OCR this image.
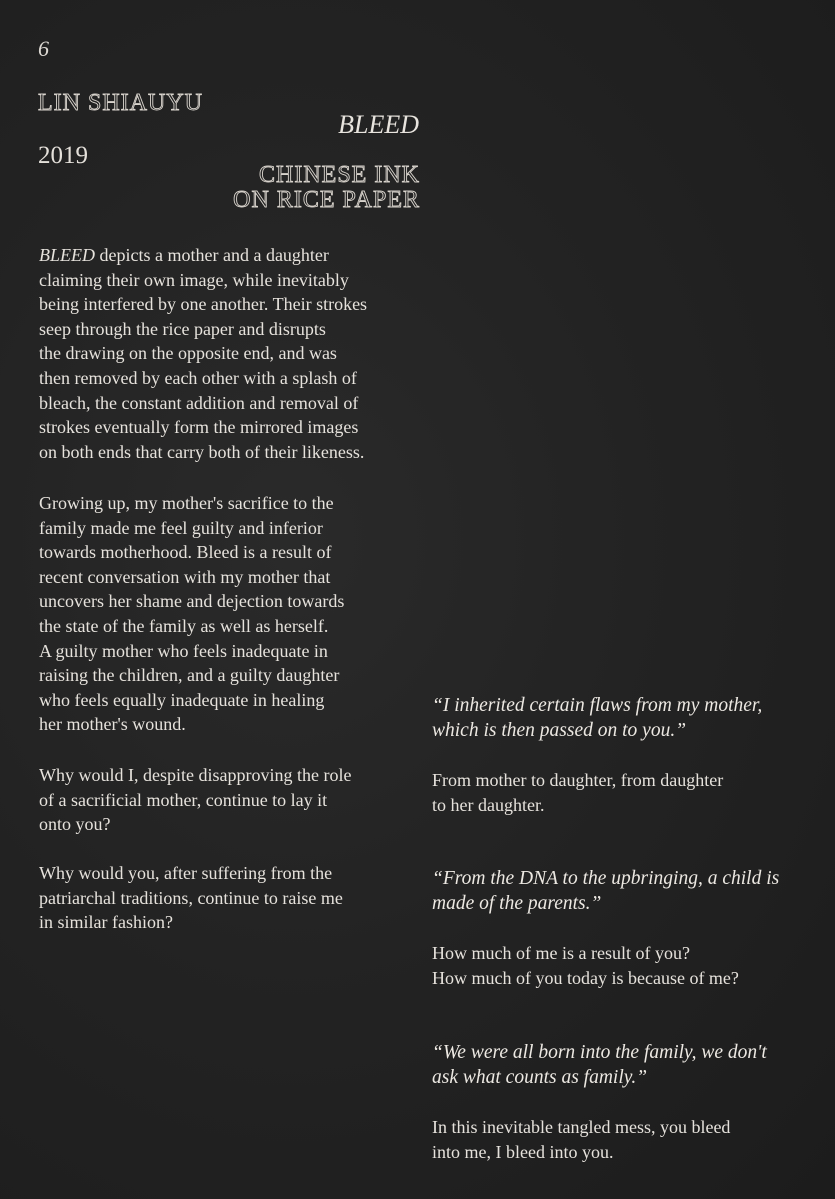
6
LIN SHIAUYU
2019
BLEED
CHINESE INK
ON RICE PAPER
BLEED depicts a mother and a daughter
claiming their own image, while inevitably
being interfered by one another. Their strokes
seep through the rice paper and disrupts
the drawing on the opposite end, and was
then removed by each other with a splash of
bleach, the constant addition and removal of
strokes eventually form the mirrored images
on both ends that carry both of their likeness.
Growing up, my mother's sacrifice to the
family made me feel guilty and inferior
towards motherhood. Bleed is a result of
recent conversation with my mother that
uncovers her shame and dejection towards
the state of the family as well as herself.
A guilty mother who feels inadequate in
raising the children, and a guilty daughter
who feels equally inadequate in healing
her mother's wound.
Why would I, despite disapproving the role
of a sacrificial mother, continue to lay it
onto you?
Why would you, after suffering from the
patriarchal traditions, continue to raise me
in similar fashion?
“I inherited certain flaws from my mother,
which is then passed on to you.”
From mother to daughter, from daughter
to her daughter.
“From the DNA to the upbringing, a child is
made of the parents.”
How much of me is a result of you?
How much of you today is because of me?
“We were all born into the family, we don't
ask what counts as family.”
In this inevitable tangled mess, you bleed
into me, I bleed into you.
